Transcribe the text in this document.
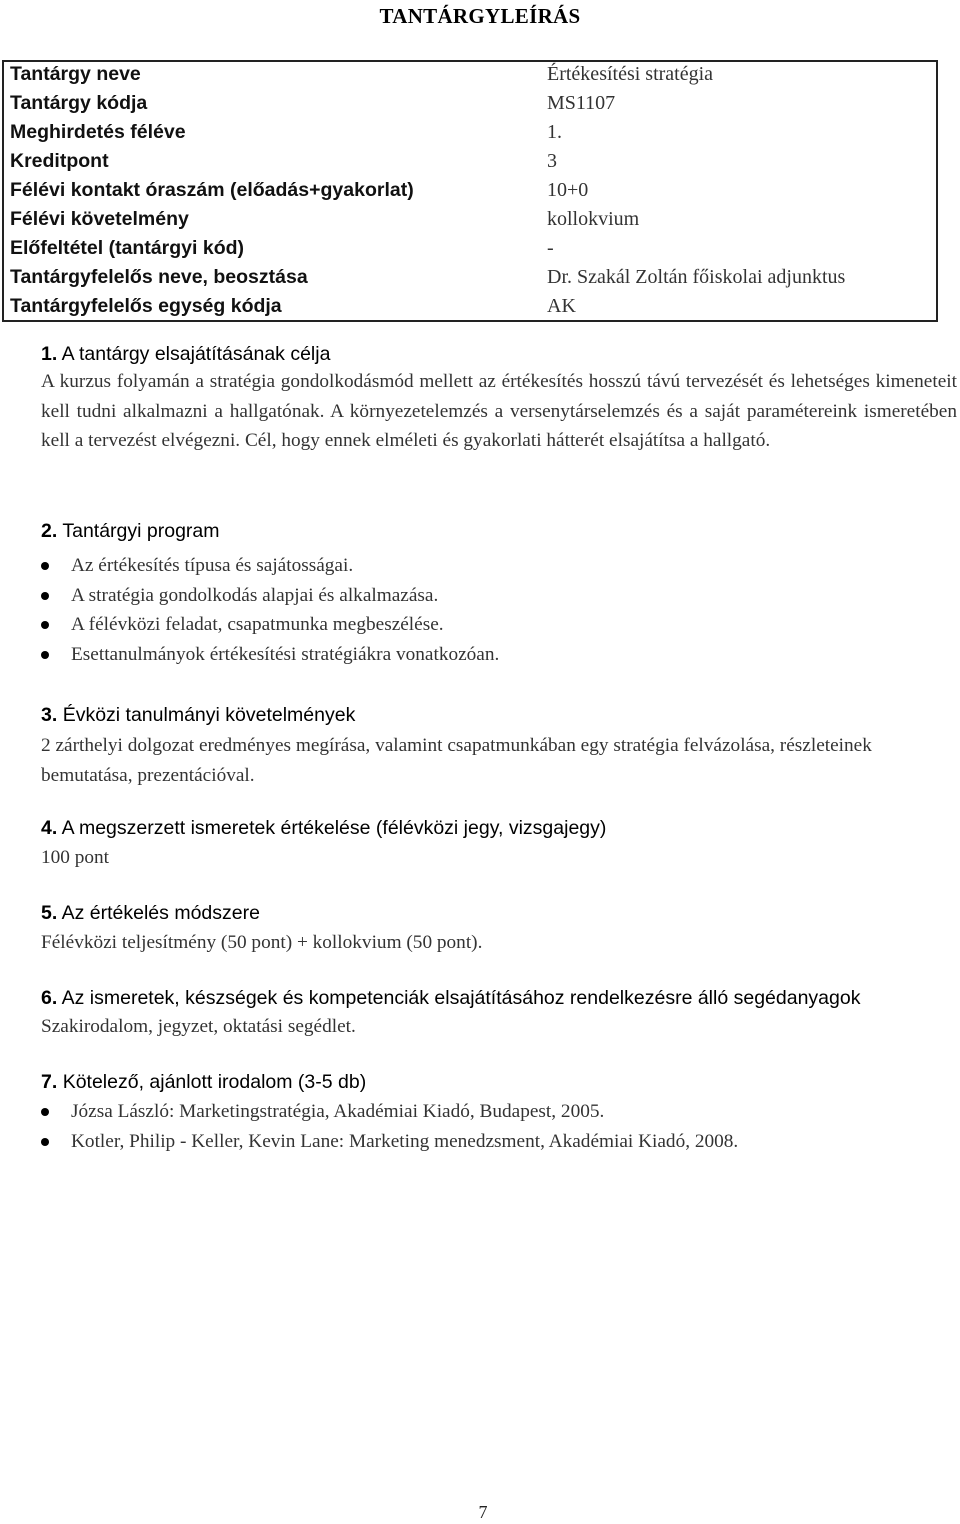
TANTÁRGYLEÍRÁS
Tantárgy neve	Értékesítési stratégia
Tantárgy kódja	MS1107
Meghirdetés féléve	1.
Kreditpont	3
Félévi kontakt óraszám (előadás+gyakorlat)	10+0
Félévi követelmény	kollokvium
Előfeltétel (tantárgyi kód)	-
Tantárgyfelelős neve, beosztása	Dr. Szakál Zoltán főiskolai adjunktus
Tantárgyfelelős egység kódja	AK
1. A tantárgy elsajátításának célja
A kurzus folyamán a stratégia gondolkodásmód mellett az értékesítés hosszú távú tervezését és lehetséges kimeneteit kell tudni alkalmazni a hallgatónak. A környezetelemzés a versenytárselemzés és a saját paramétereink ismeretében kell a tervezést elvégezni. Cél, hogy ennek elméleti és gyakorlati hátterét elsajátítsa a hallgató.
2. Tantárgyi program
Az értékesítés típusa és sajátosságai.
A stratégia gondolkodás alapjai és alkalmazása.
A félévközi feladat, csapatmunka megbeszélése.
Esettanulmányok értékesítési stratégiákra vonatkozóan.
3. Évközi tanulmányi követelmények
2 zárthelyi dolgozat eredményes megírása, valamint csapatmunkában egy stratégia felvázolása, részleteinek bemutatása, prezentációval.
4. A megszerzett ismeretek értékelése (félévközi jegy, vizsgajegy)
100 pont
5. Az értékelés módszere
Félévközi teljesítmény (50 pont) + kollokvium (50 pont).
6. Az ismeretek, készségek és kompetenciák elsajátításához rendelkezésre álló segédanyagok
Szakirodalom, jegyzet, oktatási segédlet.
7. Kötelező, ajánlott irodalom (3-5 db)
Józsa László: Marketingstratégia, Akadémiai Kiadó, Budapest, 2005.
Kotler, Philip - Keller, Kevin Lane: Marketing menedzsment, Akadémiai Kiadó, 2008.
7
